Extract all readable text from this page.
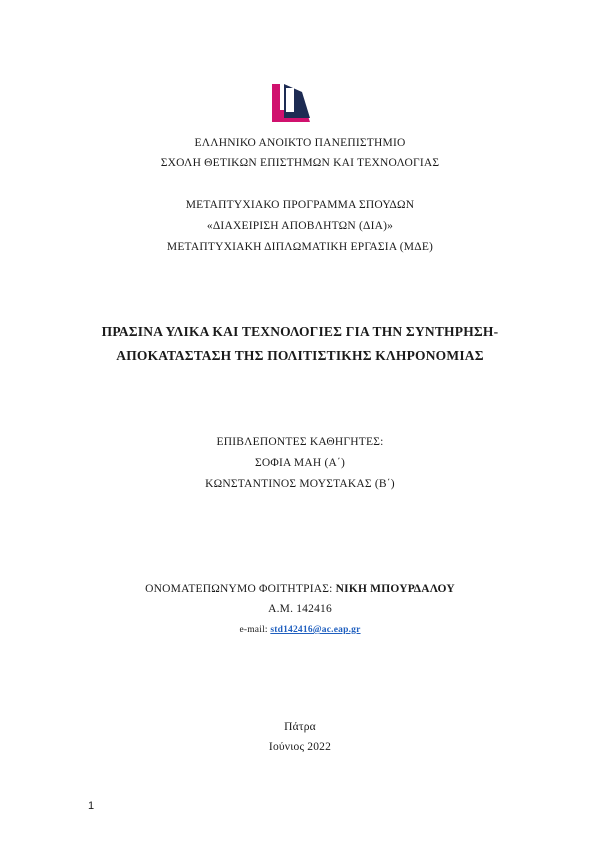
ΕΛΛΗΝΙΚΟ ΑΝΟΙΚΤΟ ΠΑΝΕΠΙΣΤΗΜΙΟ
ΣΧΟΛΗ ΘΕΤΙΚΩΝ ΕΠΙΣΤΗΜΩΝ ΚΑΙ ΤΕΧΝΟΛΟΓΙΑΣ
ΜΕΤΑΠΤΥΧΙΑΚΟ ΠΡΟΓΡΑΜΜΑ ΣΠΟΥΔΩΝ
«ΔΙΑΧΕΙΡΙΣΗ ΑΠΟΒΛΗΤΩΝ (ΔΙΑ)»
ΜΕΤΑΠΤΥΧΙΑΚΗ ΔΙΠΛΩΜΑΤΙΚΗ ΕΡΓΑΣΙΑ (ΜΔΕ)
ΠΡΑΣΙΝΑ ΥΛΙΚΑ ΚΑΙ ΤΕΧΝΟΛΟΓΙΕΣ ΓΙΑ ΤΗΝ ΣΥΝΤΗΡΗΣΗ-
ΑΠΟΚΑΤΑΣΤΑΣΗ ΤΗΣ ΠΟΛΙΤΙΣΤΙΚΗΣ ΚΛΗΡΟΝΟΜΙΑΣ
ΕΠΙΒΛΕΠΟΝΤΕΣ ΚΑΘΗΓΗΤΕΣ:
ΣΟΦΙΑ ΜΑΗ (Α΄)
ΚΩΝΣΤΑΝΤΙΝΟΣ ΜΟΥΣΤΑΚΑΣ (Β΄)
ΟΝΟΜΑΤΕΠΩΝΥΜΟ ΦΟΙΤΗΤΡΙΑΣ: ΝΙΚΗ ΜΠΟΥΡΔΑΛΟΥ
Α.Μ. 142416
e-mail: std142416@ac.eap.gr
Πάτρα
Ιούνιος 2022
1
